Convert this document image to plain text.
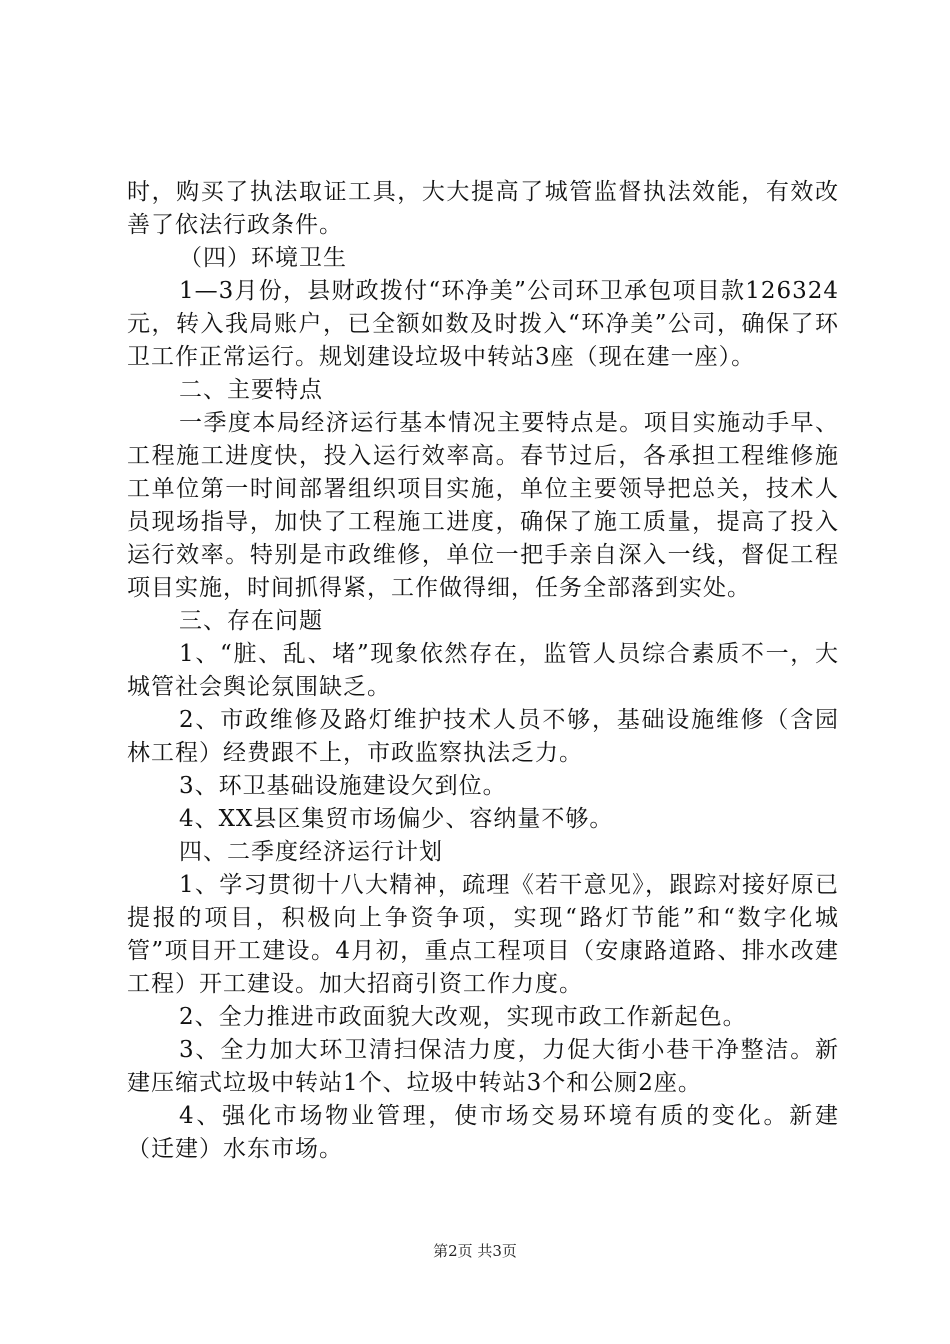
时，购买了执法取证工具，大大提高了城管监督执法效能，有效改善了依法行政条件。

（四）环境卫生

1—3月份，县财政拨付“环净美”公司环卫承包项目款126324元，转入我局账户，已全额如数及时拨入“环净美”公司，确保了环卫工作正常运行。规划建设垃圾中转站3座（现在建一座）。

二、主要特点

一季度本局经济运行基本情况主要特点是。项目实施动手早、工程施工进度快，投入运行效率高。春节过后，各承担工程维修施工单位第一时间部署组织项目实施，单位主要领导把总关，技术人员现场指导，加快了工程施工进度，确保了施工质量，提高了投入运行效率。特别是市政维修，单位一把手亲自深入一线，督促工程项目实施，时间抓得紧，工作做得细，任务全部落到实处。

三、存在问题

1、“脏、乱、堵”现象依然存在，监管人员综合素质不一，大城管社会舆论氛围缺乏。

2、市政维修及路灯维护技术人员不够，基础设施维修（含园林工程）经费跟不上，市政监察执法乏力。

3、环卫基础设施建设欠到位。

4、XX县区集贸市场偏少、容纳量不够。

四、二季度经济运行计划

1、学习贯彻十八大精神，疏理《若干意见》，跟踪对接好原已提报的项目，积极向上争资争项，实现“路灯节能”和“数字化城管”项目开工建设。4月初，重点工程项目（安康路道路、排水改建工程）开工建设。加大招商引资工作力度。

2、全力推进市政面貌大改观，实现市政工作新起色。

3、全力加大环卫清扫保洁力度，力促大街小巷干净整洁。新建压缩式垃圾中转站1个、垃圾中转站3个和公厕2座。

4、强化市场物业管理，使市场交易环境有质的变化。新建（迁建）水东市场。

第2页 共3页
